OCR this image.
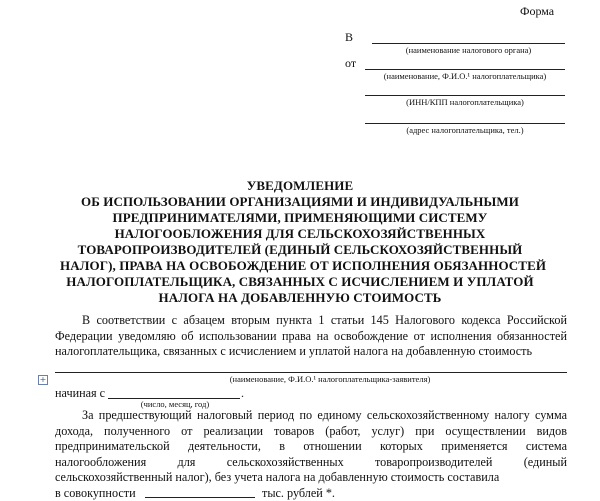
Форма
В
(наименование налогового органа)
от
(наименование, Ф.И.О.¹ налогоплательщика)
(ИНН/КПП налогоплательщика)
(адрес налогоплательщика, тел.)
УВЕДОМЛЕНИЕ
ОБ ИСПОЛЬЗОВАНИИ ОРГАНИЗАЦИЯМИ И ИНДИВИДУАЛЬНЫМИ
ПРЕДПРИНИМАТЕЛЯМИ, ПРИМЕНЯЮЩИМИ СИСТЕМУ
НАЛОГООБЛОЖЕНИЯ ДЛЯ СЕЛЬСКОХОЗЯЙСТВЕННЫХ
ТОВАРОПРОИЗВОДИТЕЛЕЙ (ЕДИНЫЙ СЕЛЬСКОХОЗЯЙСТВЕННЫЙ
НАЛОГ), ПРАВА НА ОСВОБОЖДЕНИЕ ОТ ИСПОЛНЕНИЯ ОБЯЗАННОСТЕЙ
НАЛОГОПЛАТЕЛЬЩИКА, СВЯЗАННЫХ С ИСЧИСЛЕНИЕМ И УПЛАТОЙ
НАЛОГА НА ДОБАВЛЕННУЮ СТОИМОСТЬ
В соответствии с абзацем вторым пункта 1 статьи 145 Налогового кодекса Российской
Федерации уведомляю об использовании права на освобождение от исполнения обязанностей
налогоплательщика, связанных с исчислением и уплатой налога на добавленную стоимость
+	(наименование, Ф.И.О.¹ налогоплательщика-заявителя)
начиная с	.
(число, месяц, год)
За предшествующий налоговый период по единому сельскохозяйственному налогу сумма
дохода, полученного от реализации товаров (работ, услуг) при осуществлении видов
предпринимательской деятельности, в отношении которых применяется система
налогообложения	для	сельскохозяйственных	товаропроизводителей	(единый
сельскохозяйственный налог), без учета налога на добавленную стоимость составила
в совокупности	тыс. рублей *.
